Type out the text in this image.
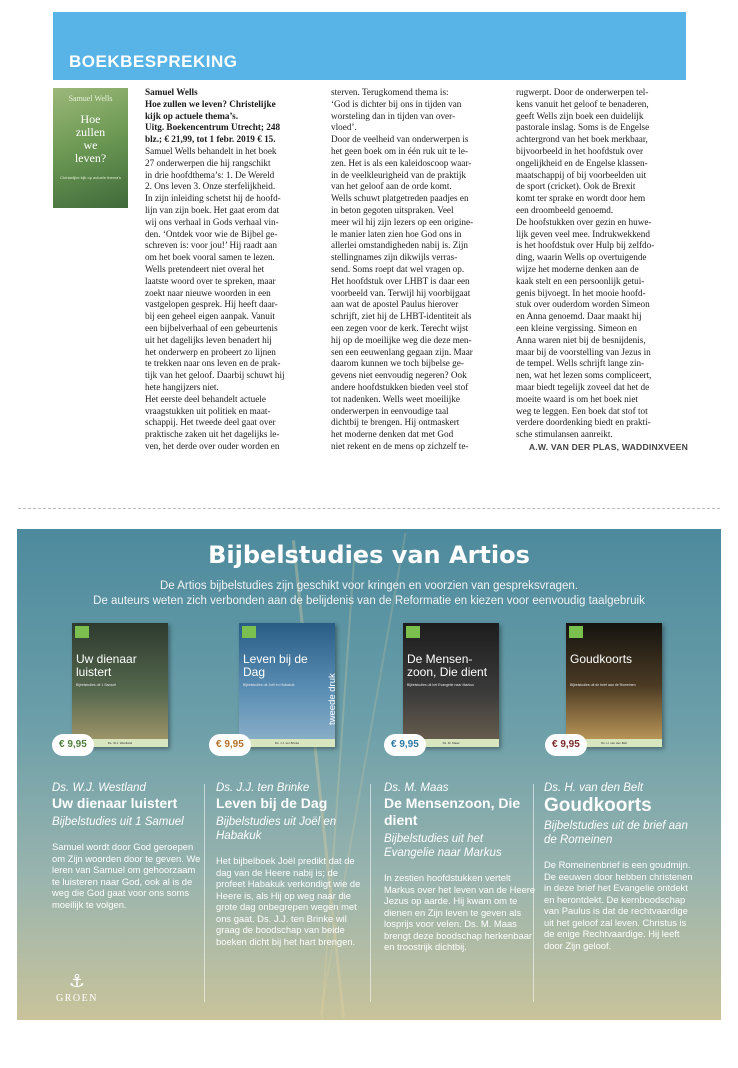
BOEKBESPREKING
Samuel Wells
Hoe
zullen
we
leven?
Christelijke kijk op actuele thema's
Samuel Wells
Hoe zullen we leven? Christelijke
kijk op actuele thema’s.
Uitg. Boekencentrum Utrecht; 248
blz.; € 21,99, tot 1 febr. 2019 € 15.
Samuel Wells behandelt in het boek
27 onderwerpen die hij rangschikt
in drie hoofdthema’s: 1. De Wereld
2. Ons leven 3. Onze sterfelijkheid.
In zijn inleiding schetst hij de hoofd-
lijn van zijn boek. Het gaat erom dat
wij ons verhaal in Gods verhaal vin-
den. ‘Ontdek voor wie de Bijbel ge-
schreven is: voor jou!’ Hij raadt aan
om het boek vooral samen te lezen.
Wells pretendeert niet overal het
laatste woord over te spreken, maar
zoekt naar nieuwe woorden in een
vastgelopen gesprek. Hij heeft daar-
bij een geheel eigen aanpak. Vanuit
een bijbelverhaal of een gebeurtenis
uit het dagelijks leven benadert hij
het onderwerp en probeert zo lijnen
te trekken naar ons leven en de prak-
tijk van het geloof. Daarbij schuwt hij
hete hangijzers niet.
Het eerste deel behandelt actuele
vraagstukken uit politiek en maat-
schappij. Het tweede deel gaat over
praktische zaken uit het dagelijks le-
ven, het derde over ouder worden en
sterven. Terugkomend thema is:
‘God is dichter bij ons in tijden van
worsteling dan in tijden van over-
vloed’.
Door de veelheid van onderwerpen is
het geen boek om in één ruk uit te le-
zen. Het is als een kaleidoscoop waar-
in de veelkleurigheid van de praktijk
van het geloof aan de orde komt.
Wells schuwt platgetreden paadjes en
in beton gegoten uitspraken. Veel
meer wil hij zijn lezers op een origine-
le manier laten zien hoe God ons in
allerlei omstandigheden nabij is. Zijn
stellingnames zijn dikwijls verras-
send. Soms roept dat wel vragen op.
Het hoofdstuk over LHBT is daar een
voorbeeld van. Terwijl hij voorbijgaat
aan wat de apostel Paulus hierover
schrijft, ziet hij de LHBT-identiteit als
een zegen voor de kerk. Terecht wijst
hij op de moeilijke weg die deze men-
sen een eeuwenlang gegaan zijn. Maar
daarom kunnen we toch bijbelse ge-
gevens niet eenvoudig negeren? Ook
andere hoofdstukken bieden veel stof
tot nadenken. Wells weet moeilijke
onderwerpen in eenvoudige taal
dichtbij te brengen. Hij ontmaskert
het moderne denken dat met God
niet rekent en de mens op zichzelf te-
rugwerpt. Door de onderwerpen tel-
kens vanuit het geloof te benaderen,
geeft Wells zijn boek een duidelijk
pastorale inslag. Soms is de Engelse
achtergrond van het boek merkbaar,
bijvoorbeeld in het hoofdstuk over
ongelijkheid en de Engelse klassen-
maatschappij of bij voorbeelden uit
de sport (cricket). Ook de Brexit
komt ter sprake en wordt door hem
een droombeeld genoemd.
De hoofstukken over gezin en huwe-
lijk geven veel mee. Indrukwekkend
is het hoofdstuk over Hulp bij zelfdo-
ding, waarin Wells op overtuigende
wijze het moderne denken aan de
kaak stelt en een persoonlijk getui-
genis bijvoegt. In het mooie hoofd-
stuk over ouderdom worden Simeon
en Anna genoemd. Daar maakt hij
een kleine vergissing. Simeon en
Anna waren niet bij de besnijdenis,
maar bij de voorstelling van Jezus in
de tempel. Wells schrijft lange zin-
nen, wat het lezen soms compliceert,
maar biedt tegelijk zoveel dat het de
moeite waard is om het boek niet
weg te leggen. Een boek dat stof tot
verdere doordenking biedt en prakti-
sche stimulansen aanreikt.
A.W. VAN DER PLAS, WADDINXVEEN
Bijbelstudies van Artios
De Artios bijbelstudies zijn geschikt voor kringen en voorzien van gespreksvragen.
De auteurs weten zich verbonden aan de belijdenis van de Reformatie en kiezen voor eenvoudig taalgebruik
Uw dienaar luistert
Bijbelstudies uit 1 Samuel
Ds. W.J. Westland
Leven bij de Dag
Bijbelstudies uit Joël en Habakuk
Ds. J.J. ten Brinke
De Mensen-zoon, Die dient
Bijbelstudies uit het Evangelie naar Markus
Ds. M. Maas
Goudkoorts
Bijbelstudies uit de brief aan de Romeinen
Ds. H. van den Belt
€ 9,95	€ 9,95	€ 9,95	€ 9,95
tweede druk
Ds. W.J. Westland
Uw dienaar luistert
Bijbelstudies uit 1 Samuel
Samuel wordt door God geroepen om Zijn woorden door te geven. We leren van Samuel om gehoorzaam te luisteren naar God, ook al is de weg die God gaat voor ons soms moeilijk te volgen.
Ds. J.J. ten Brinke
Leven bij de Dag
Bijbelstudies uit Joël en Habakuk
Het bijbelboek Joël predikt dat de dag van de Heere nabij is; de profeet Habakuk verkondigt wie de Heere is, als Hij op weg naar die grote dag onbegrepen wegen met ons gaat. Ds. J.J. ten Brinke wil graag de boodschap van beide boeken dicht bij het hart brengen.
Ds. M. Maas
De Mensenzoon, Die dient
Bijbelstudies uit het Evangelie naar Markus
In zestien hoofdstukken vertelt Markus over het leven van de Heere Jezus op aarde. Hij kwam om te dienen en Zijn leven te geven als losprijs voor velen. Ds. M. Maas brengt deze boodschap herkenbaar en troostrijk dichtbij.
Ds. H. van den Belt
Goudkoorts
Bijbelstudies uit de brief aan de Romeinen
De Romeinenbrief is een goudmijn. De eeuwen door hebben christenen in deze brief het Evangelie ontdekt en herontdekt. De kernboodschap van Paulus is dat de rechtvaardige uit het geloof zal leven. Christus is de enige Rechtvaardige. Hij leeft door Zijn geloof.
⚓
GROEN
